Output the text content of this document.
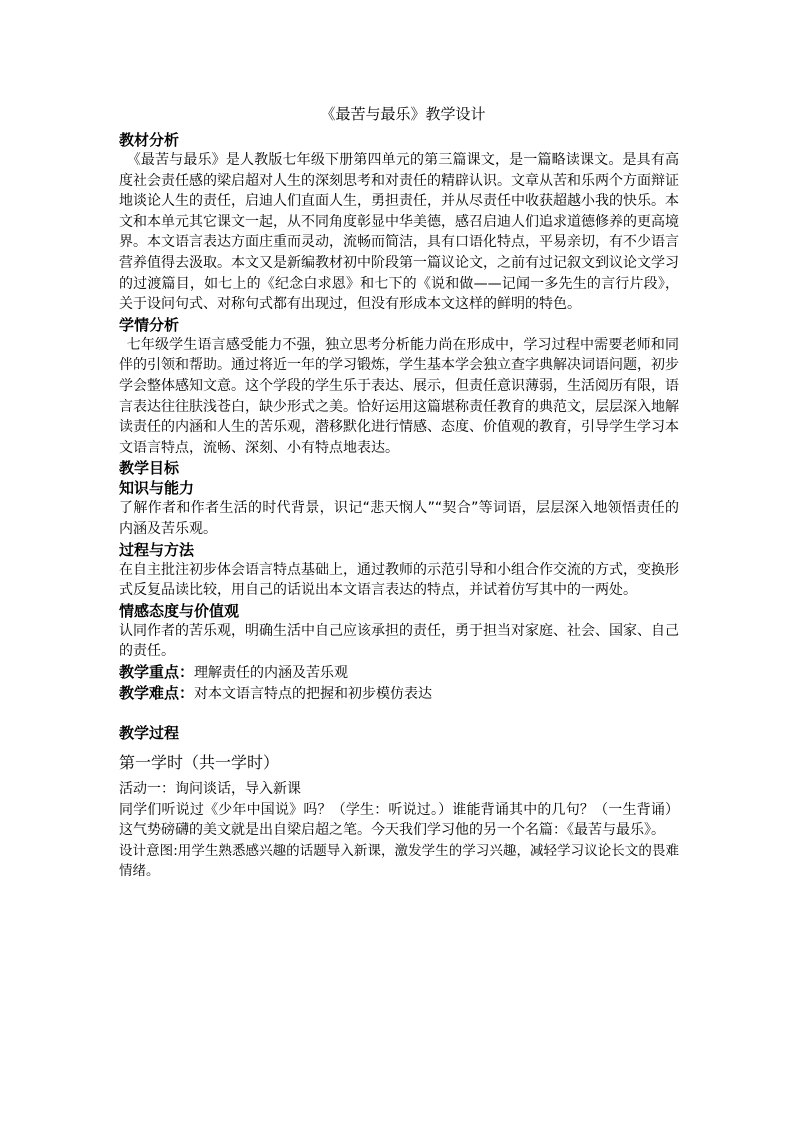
《最苦与最乐》教学设计
教材分析
《最苦与最乐》是人教版七年级下册第四单元的第三篇课文，是一篇略读课文。是具有高度社会责任感的梁启超对人生的深刻思考和对责任的精辟认识。文章从苦和乐两个方面辩证地谈论人生的责任，启迪人们直面人生，勇担责任，并从尽责任中收获超越小我的快乐。本文和本单元其它课文一起，从不同角度彰显中华美德，感召启迪人们追求道德修养的更高境界。本文语言表达方面庄重而灵动，流畅而简洁，具有口语化特点，平易亲切，有不少语言营养值得去汲取。本文又是新编教材初中阶段第一篇议论文，之前有过记叙文到议论文学习的过渡篇目，如七上的《纪念白求恩》和七下的《说和做——记闻一多先生的言行片段》，关于设问句式、对称句式都有出现过，但没有形成本文这样的鲜明的特色。
学情分析
七年级学生语言感受能力不强，独立思考分析能力尚在形成中，学习过程中需要老师和同伴的引领和帮助。通过将近一年的学习锻炼，学生基本学会独立查字典解决词语问题，初步学会整体感知文意。这个学段的学生乐于表达、展示，但责任意识薄弱，生活阅历有限，语言表达往往肤浅苍白，缺少形式之美。恰好运用这篇堪称责任教育的典范文，层层深入地解读责任的内涵和人生的苦乐观，潜移默化进行情感、态度、价值观的教育，引导学生学习本文语言特点，流畅、深刻、小有特点地表达。
教学目标
知识与能力
了解作者和作者生活的时代背景，识记“悲天悯人”“契合”等词语，层层深入地领悟责任的内涵及苦乐观。
过程与方法
在自主批注初步体会语言特点基础上，通过教师的示范引导和小组合作交流的方式，变换形式反复品读比较，用自己的话说出本文语言表达的特点，并试着仿写其中的一两处。
情感态度与价值观
认同作者的苦乐观，明确生活中自己应该承担的责任，勇于担当对家庭、社会、国家、自己的责任。
教学重点：理解责任的内涵及苦乐观
教学难点：对本文语言特点的把握和初步模仿表达
教学过程
第一学时（共一学时）
活动一：询问谈话，导入新课
同学们听说过《少年中国说》吗？（学生：听说过。）谁能背诵其中的几句？（一生背诵）这气势磅礴的美文就是出自梁启超之笔。今天我们学习他的另一个名篇：《最苦与最乐》。
设计意图:用学生熟悉感兴趣的话题导入新课，激发学生的学习兴趣，减轻学习议论长文的畏难情绪。
